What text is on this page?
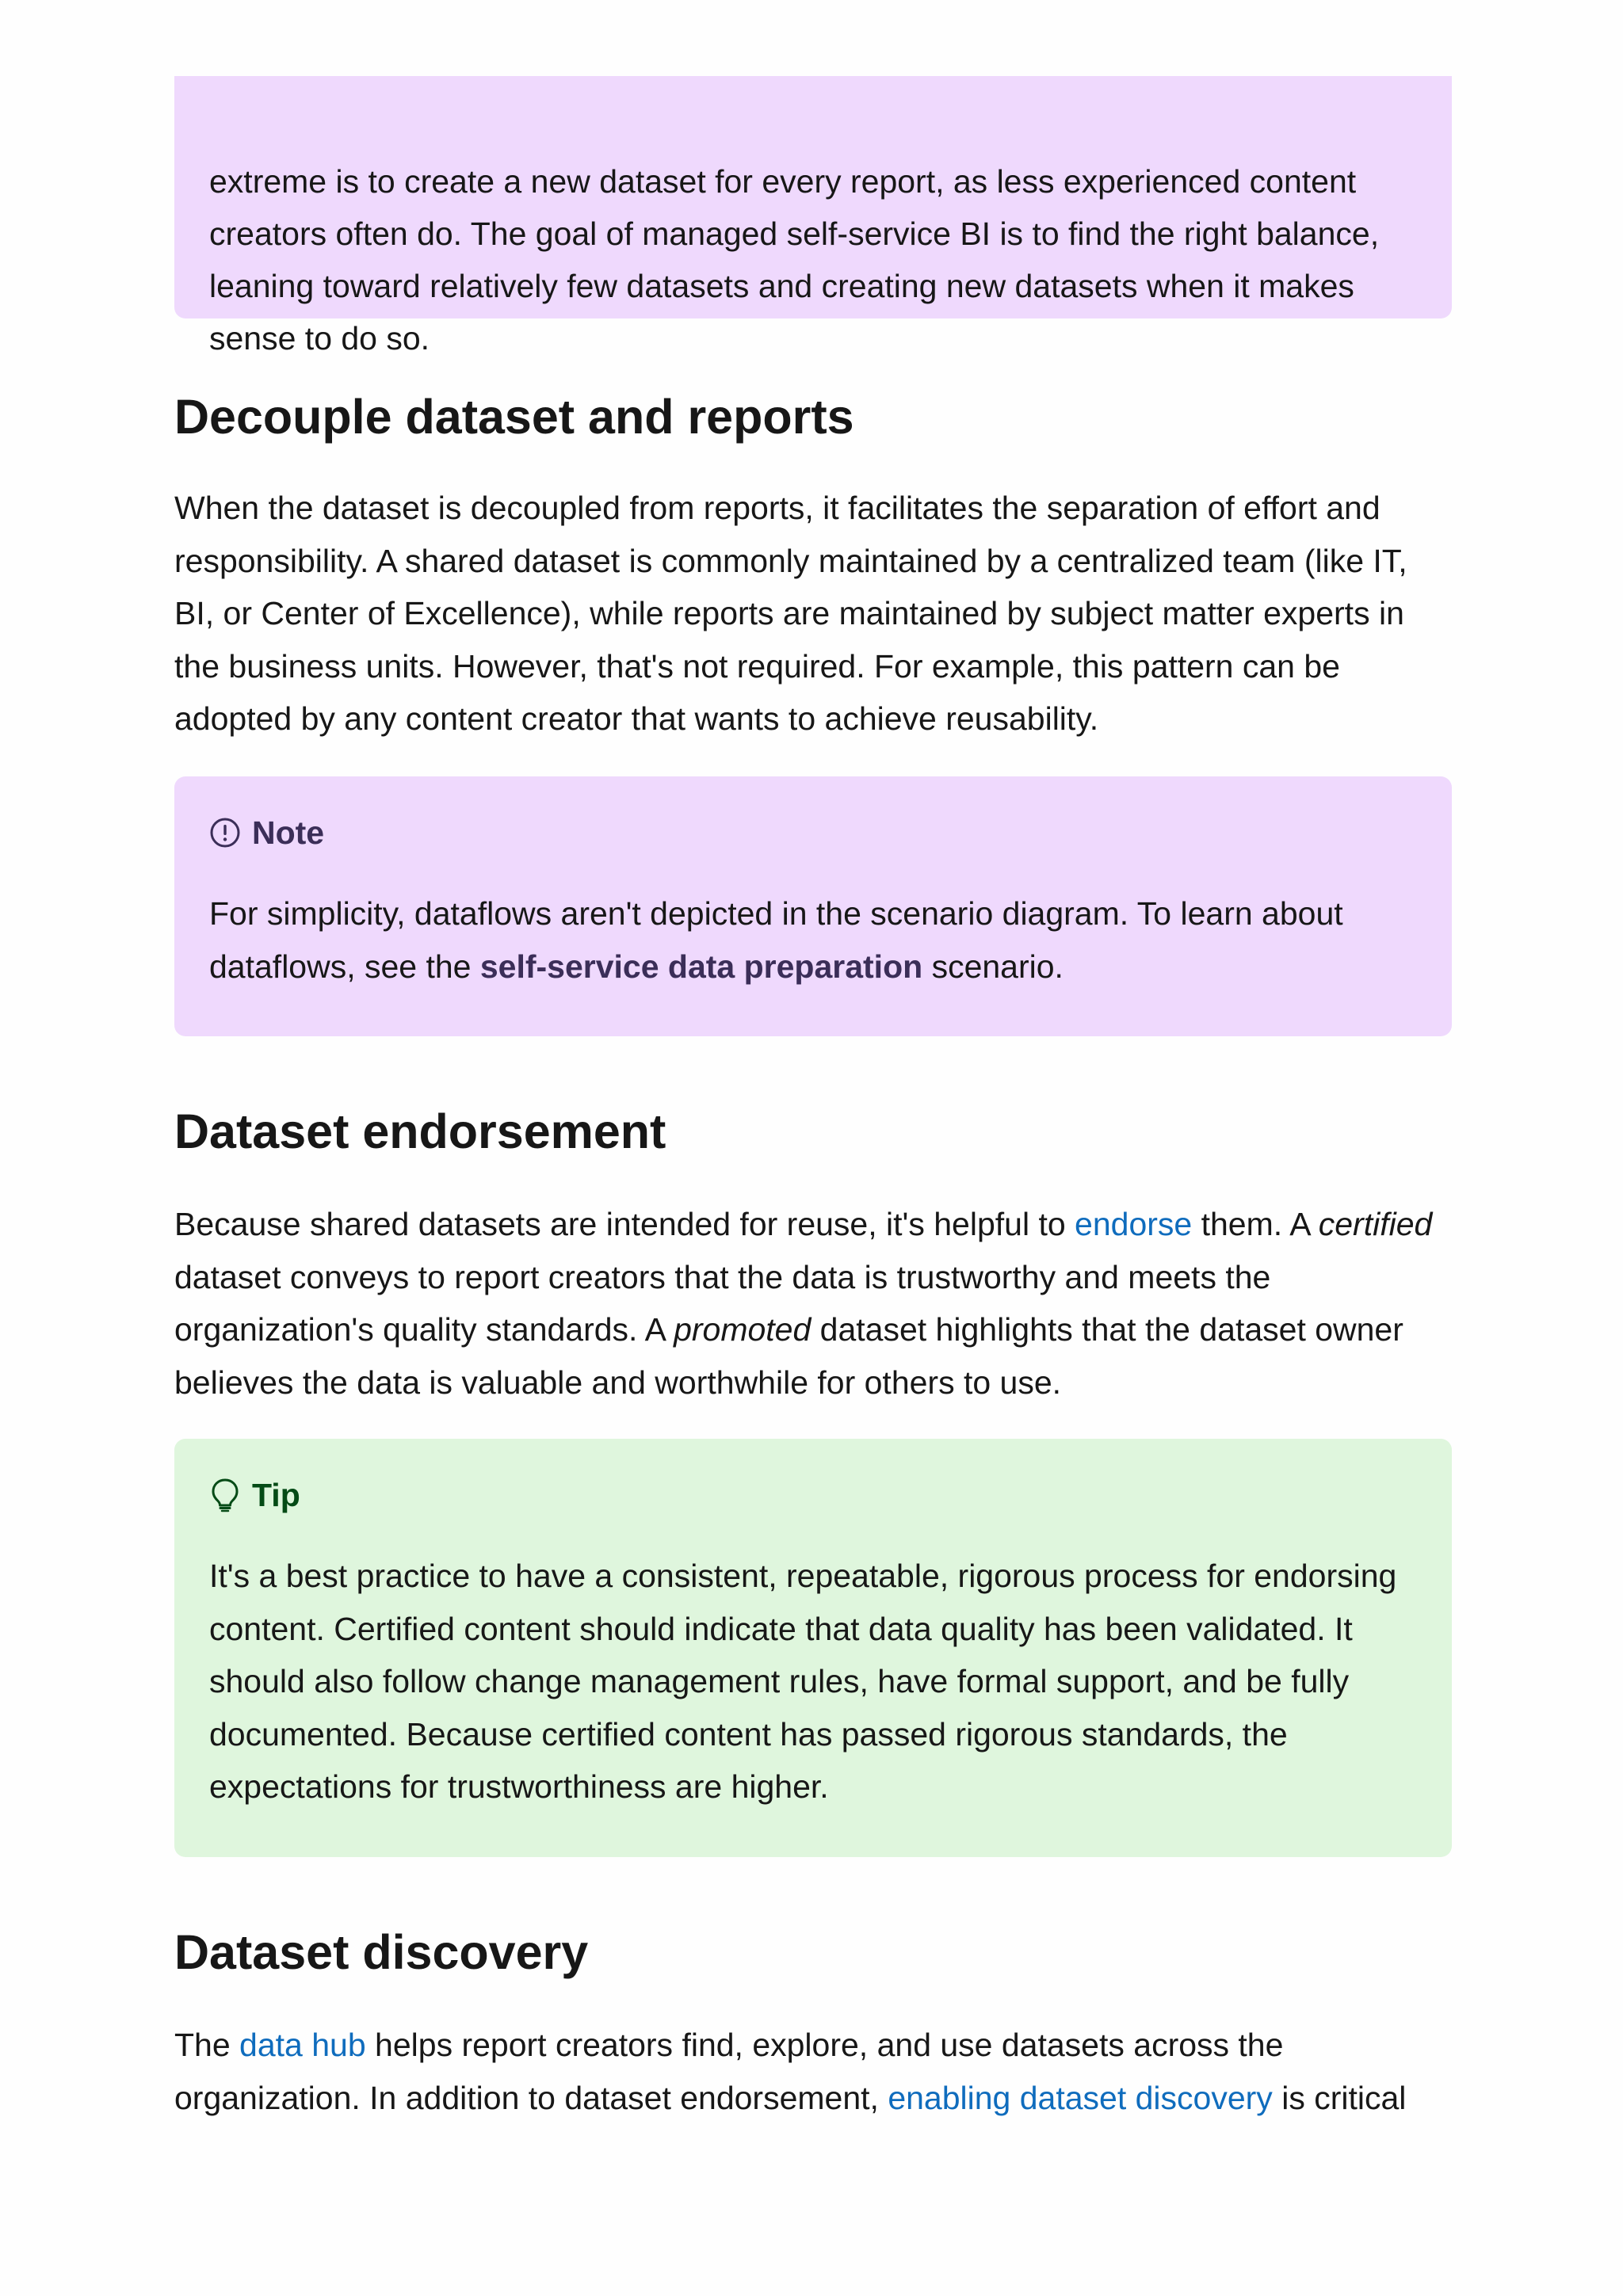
extreme is to create a new dataset for every report, as less experienced content

creators often do. The goal of managed self-service BI is to find the right balance,

leaning toward relatively few datasets and creating new datasets when it makes

sense to do so.

Decouple dataset and reports

When the dataset is decoupled from reports, it facilitates the separation of effort and responsibility. A shared dataset is commonly maintained by a centralized team (like IT, BI, or Center of Excellence), while reports are maintained by subject matter experts in the business units. However, that's not required. For example, this pattern can be adopted by any content creator that wants to achieve reusability.

Note

For simplicity, dataflows aren't depicted in the scenario diagram. To learn about dataflows, see the self-service data preparation scenario.

Dataset endorsement

Because shared datasets are intended for reuse, it's helpful to endorse them. A certified dataset conveys to report creators that the data is trustworthy and meets the organization's quality standards. A promoted dataset highlights that the dataset owner believes the data is valuable and worthwhile for others to use.

Tip

It's a best practice to have a consistent, repeatable, rigorous process for endorsing content. Certified content should indicate that data quality has been validated. It should also follow change management rules, have formal support, and be fully documented. Because certified content has passed rigorous standards, the expectations for trustworthiness are higher.

Dataset discovery

The data hub helps report creators find, explore, and use datasets across the organization. In addition to dataset endorsement, enabling dataset discovery is critical
